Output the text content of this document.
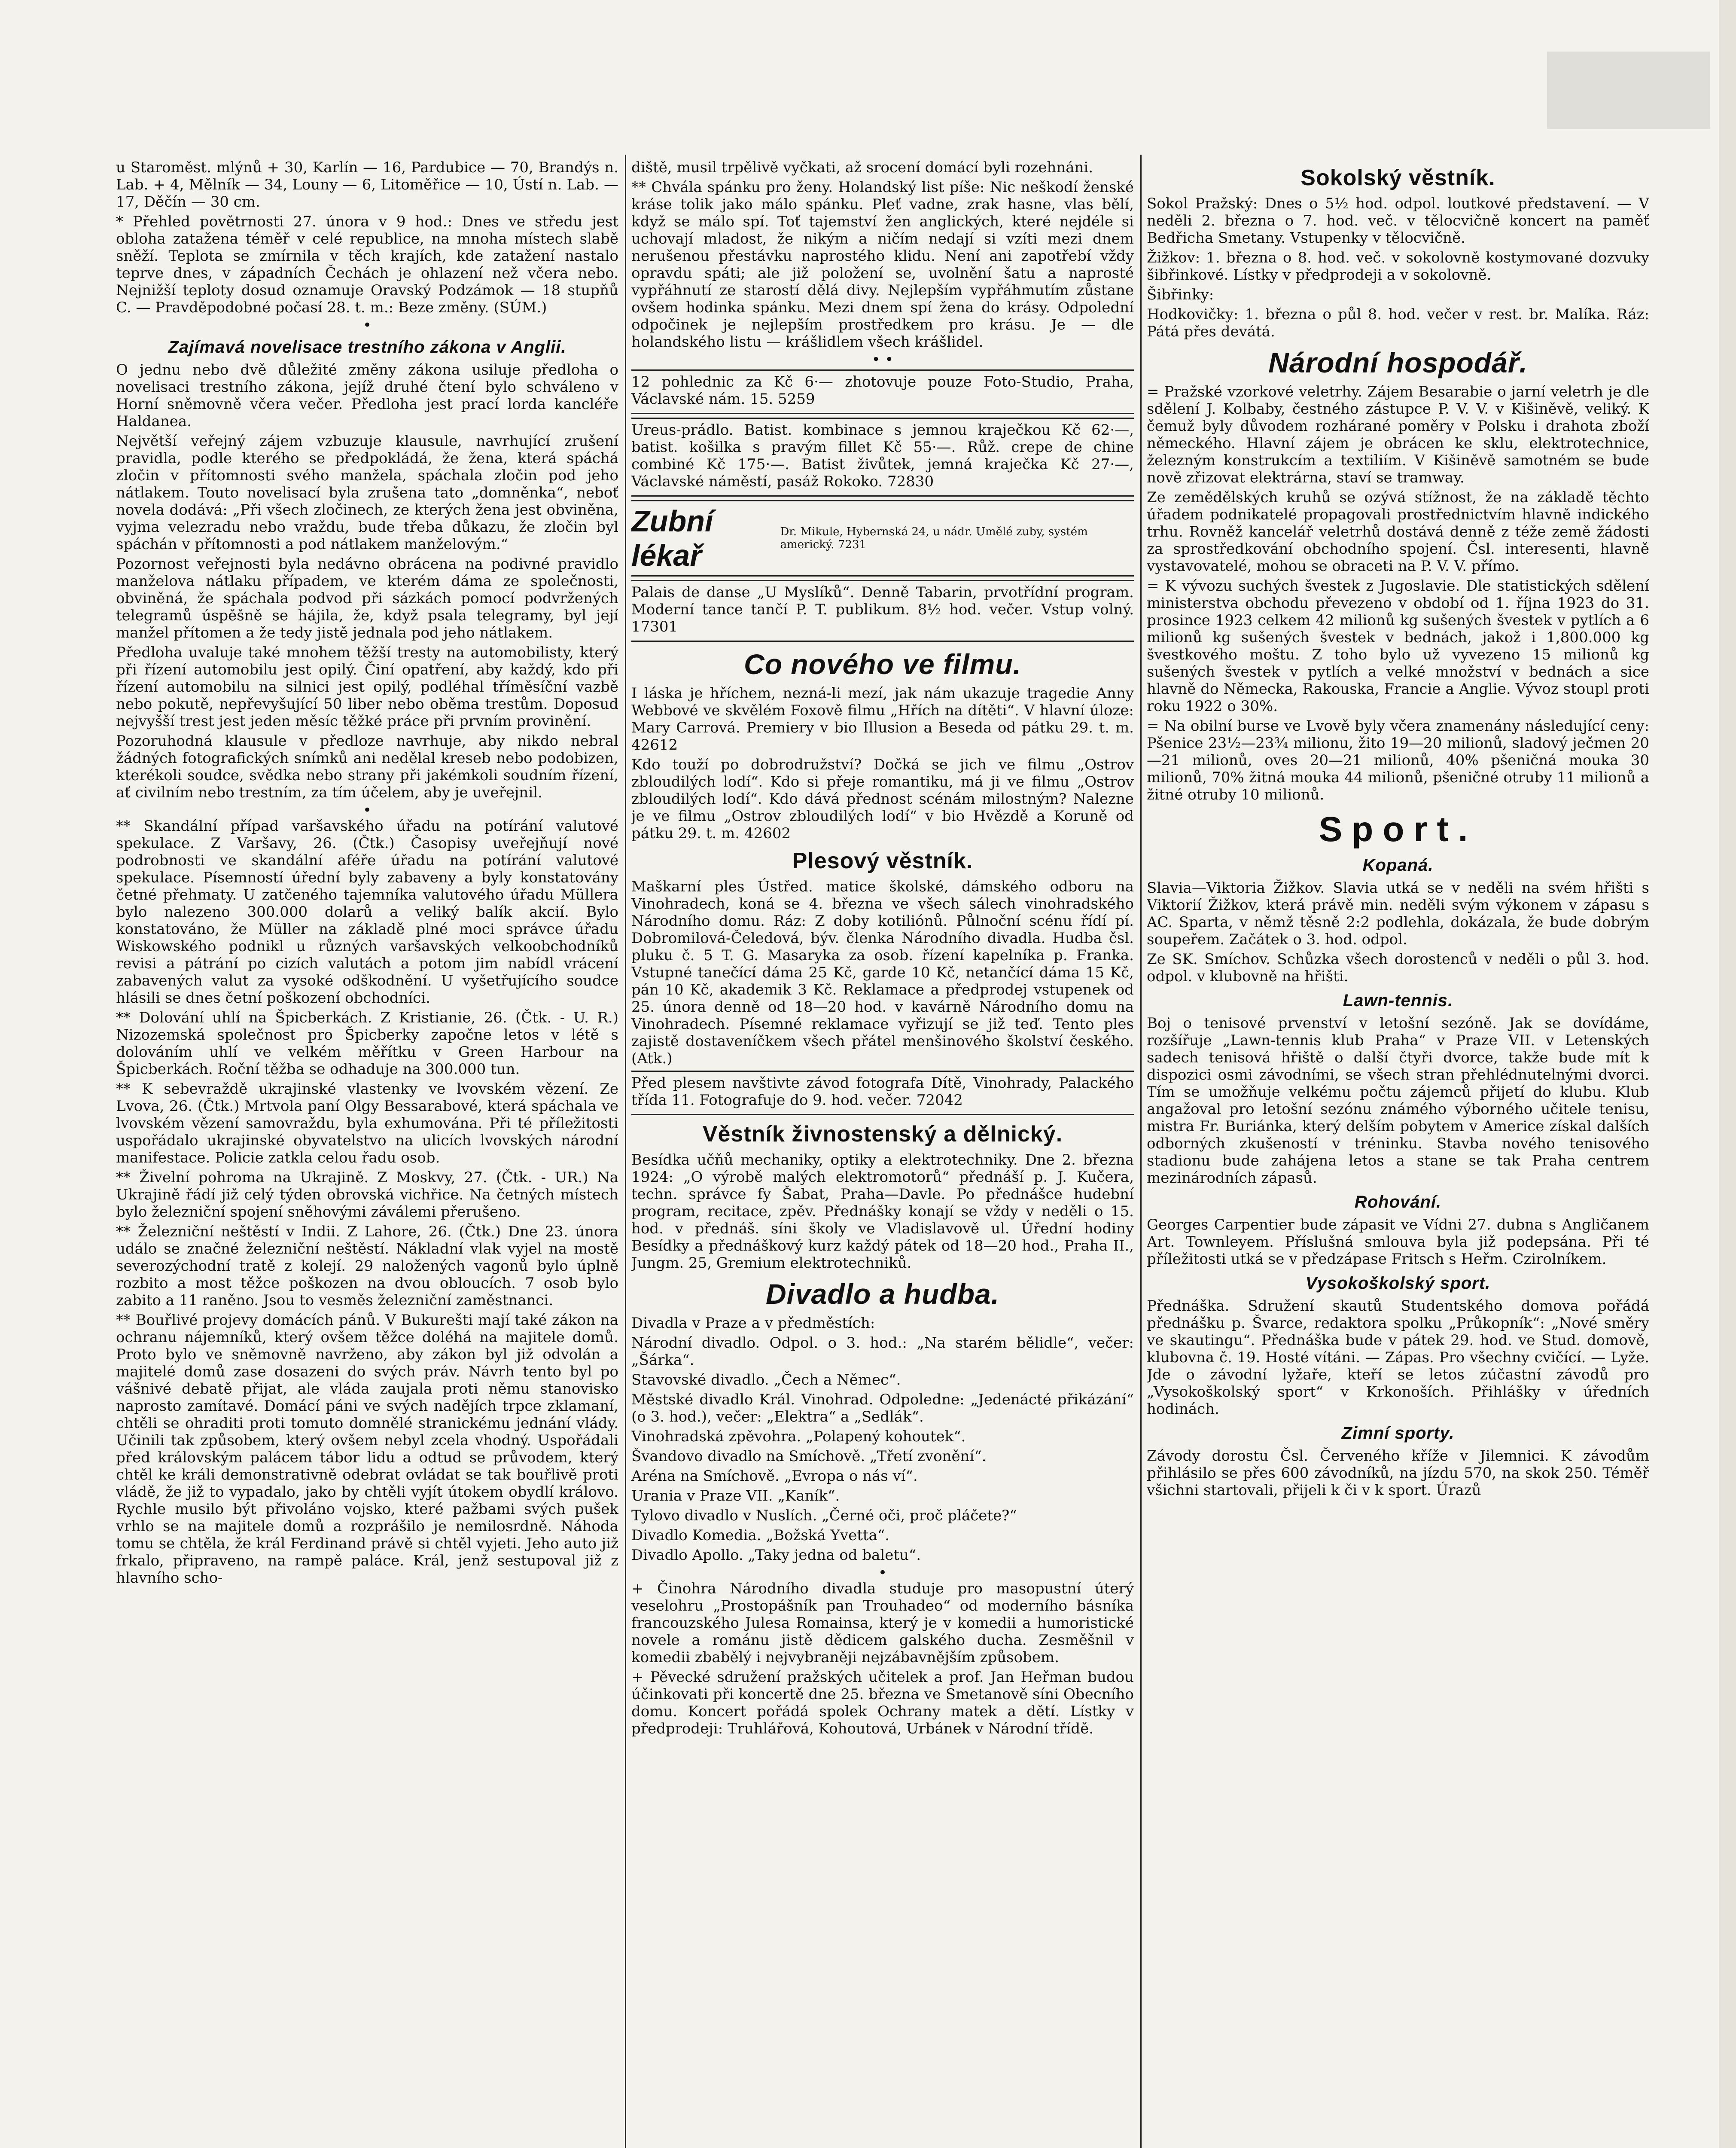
u Staroměst. mlýnů + 30, Karlín — 16, Pardubice — 70, Brandýs n. Lab. + 4, Mělník — 34, Louny — 6, Litoměřice — 10, Ústí n. Lab. — 17, Děčín — 30 cm.
* Přehled povětrnosti 27. února v 9 hod.: Dnes ve středu jest obloha zatažena téměř v celé republice, na mnoha místech slabě sněží. Teplota se zmírnila v těch krajích, kde zatažení nastalo teprve dnes, v západních Čechách je ohlazení než včera nebo. Nejnižší teploty dosud oznamuje Oravský Podzámok — 18 stupňů C. — Pravděpodobné počasí 28. t. m.: Beze změny. (SÚM.)
•
Zajímavá novelisace trestního zákona v Anglii.
O jednu nebo dvě důležité změny zákona usiluje předloha o novelisaci trestního zákona, jejíž druhé čtení bylo schváleno v Horní sněmovně včera večer. Předloha jest prací lorda kancléře Haldanea.
Největší veřejný zájem vzbuzuje klausule, navrhující zrušení pravidla, podle kterého se předpokládá, že žena, která spáchá zločin v přítomnosti svého manžela, spáchala zločin pod jeho nátlakem. Touto novelisací byla zrušena tato „domněnka“, neboť novela dodává: „Při všech zločinech, ze kterých žena jest obviněna, vyjma velezradu nebo vraždu, bude třeba důkazu, že zločin byl spáchán v přítomnosti a pod nátlakem manželovým.“
Pozornost veřejnosti byla nedávno obrácena na podivné pravidlo manželova nátlaku případem, ve kterém dáma ze společnosti, obviněná, že spáchala podvod při sázkách pomocí podvržených telegramů úspěšně se hájila, že, když psala telegramy, byl její manžel přítomen a že tedy jistě jednala pod jeho nátlakem.
Předloha uvaluje také mnohem těžší tresty na automobilisty, který při řízení automobilu jest opilý. Činí opatření, aby každý, kdo při řízení automobilu na silnici jest opilý, podléhal tříměsíční vazbě nebo pokutě, nepřevyšující 50 liber nebo oběma trestům. Doposud nejvyšší trest jest jeden měsíc těžké práce při prvním provinění.
Pozoruhodná klausule v předloze navrhuje, aby nikdo nebral žádných fotografických snímků ani nedělal kreseb nebo podobizen, kterékoli soudce, svědka nebo strany při jakémkoli soudním řízení, ať civilním nebo trestním, za tím účelem, aby je uveřejnil.
•
** Skandální případ varšavského úřadu na potírání valutové spekulace. Z Varšavy, 26. (Čtk.) Časopisy uveřejňují nové podrobnosti ve skandální aféře úřadu na potírání valutové spekulace. Písemností úřední byly zabaveny a byly konstatovány četné přehmaty. U zatčeného tajemníka valutového úřadu Müllera bylo nalezeno 300.000 dolarů a veliký balík akcií. Bylo konstatováno, že Müller na základě plné moci správce úřadu Wiskowského podnikl u různých varšavských velkoobchodníků revisi a pátrání po cizích valutách a potom jim nabídl vrácení zabavených valut za vysoké odškodnění. U vyšetřujícího soudce hlásili se dnes četní poškození obchodníci.
** Dolování uhlí na Špicberkách. Z Kristianie, 26. (Čtk. - U. R.) Nizozemská společnost pro Špicberky započne letos v létě s dolováním uhlí ve velkém měřítku v Green Harbour na Špicberkách. Roční těžba se odhaduje na 300.000 tun.
** K sebevraždě ukrajinské vlastenky ve lvovském vězení. Ze Lvova, 26. (Čtk.) Mrtvola paní Olgy Bessarabové, která spáchala ve lvovském vězení samovraždu, byla exhumována. Při té příležitosti uspořádalo ukrajinské obyvatelstvo na ulicích lvovských národní manifestace. Policie zatkla celou řadu osob.
** Živelní pohroma na Ukrajině. Z Moskvy, 27. (Čtk. - UR.) Na Ukrajině řádí již celý týden obrovská vichřice. Na četných místech bylo železniční spojení sněhovými záválemi přerušeno.
** Železniční neštěstí v Indii. Z Lahore, 26. (Čtk.) Dne 23. února událo se značné železniční neštěstí. Nákladní vlak vyjel na mostě severozýchodní tratě z kolejí. 29 naložených vagonů bylo úplně rozbito a most těžce poškozen na dvou obloucích. 7 osob bylo zabito a 11 raněno. Jsou to vesměs železniční zaměstnanci.
** Bouřlivé projevy domácích pánů. V Bukurešti mají také zákon na ochranu nájemníků, který ovšem těžce doléhá na majitele domů. Proto bylo ve sněmovně navrženo, aby zákon byl již odvolán a majitelé domů zase dosazeni do svých práv. Návrh tento byl po vášnivé debatě přijat, ale vláda zaujala proti němu stanovisko naprosto zamítavé. Domácí páni ve svých nadějích trpce zklamaní, chtěli se ohraditi proti tomuto domnělé stranickému jednání vlády. Učinili tak způsobem, který ovšem nebyl zcela vhodný. Uspořádali před královským palácem tábor lidu a odtud se průvodem, který chtěl ke králi demonstrativně odebrat ovládat se tak bouřlivě proti vládě, že již to vypadalo, jako by chtěli vyjít útokem obydlí královo. Rychle musilo být přivoláno vojsko, které pažbami svých pušek vrhlo se na majitele domů a rozprášilo je nemilosrdně. Náhoda tomu se chtěla, že král Ferdinand právě si chtěl vyjeti. Jeho auto již frkalo, připraveno, na rampě paláce. Král, jenž sestupoval již z hlavního scho-
diště, musil trpělivě vyčkati, až srocení domácí byli rozehnáni.
** Chvála spánku pro ženy. Holandský list píše: Nic neškodí ženské kráse tolik jako málo spánku. Pleť vadne, zrak hasne, vlas bělí, když se málo spí. Toť tajemství žen anglických, které nejdéle si uchovají mladost, že nikým a ničím nedají si vzíti mezi dnem nerušenou přestávku naprostého klidu. Není ani zapotřebí vždy opravdu spáti; ale již položení se, uvolnění šatu a naprosté vypřáhnutí ze starostí dělá divy. Nejlepším vypřáhmutím zůstane ovšem hodinka spánku. Mezi dnem spí žena do krásy. Odpolední odpočinek je nejlepším prostředkem pro krásu. Je — dle holandského listu — krášlidlem všech krášlidel.
• •
12 pohlednic za Kč 6·— zhotovuje pouze Foto-Studio, Praha, Václavské nám. 15. 5259
Ureus-prádlo. Batist. kombinace s jemnou kraječkou Kč 62·—, batist. košilka s pravým fillet Kč 55·—. Růž. crepe de chine combiné Kč 175·—. Batist živůtek, jemná kraječka Kč 27·—, Václavské náměstí, pasáž Rokoko. 72830
Zubní lékař
Dr. Mikule, Hybernská 24, u nádr. Umělé zuby, systém americký. 7231
Palais de danse „U Myslíků“. Denně Tabarin, prvotřídní program. Moderní tance tančí P. T. publikum. 8½ hod. večer. Vstup volný. 17301
Co nového ve filmu.
I láska je hříchem, nezná-li mezí, jak nám ukazuje tragedie Anny Webbové ve skvělém Foxově filmu „Hřích na dítěti“. V hlavní úloze: Mary Carrová. Premiery v bio Illusion a Beseda od pátku 29. t. m. 42612
Kdo touží po dobrodružství? Dočká se jich ve filmu „Ostrov zbloudilých lodí“. Kdo si přeje romantiku, má ji ve filmu „Ostrov zbloudilých lodí“. Kdo dává přednost scénám milostným? Nalezne je ve filmu „Ostrov zbloudilých lodí“ v bio Hvězdě a Koruně od pátku 29. t. m. 42602
Plesový věstník.
Maškarní ples Ústřed. matice školské, dámského odboru na Vinohradech, koná se 4. března ve všech sálech vinohradského Národního domu. Ráz: Z doby kotiliónů. Půlnoční scénu řídí pí. Dobromilová-Čeledová, býv. členka Národního divadla. Hudba čsl. pluku č. 5 T. G. Masaryka za osob. řízení kapelníka p. Franka. Vstupné tanečící dáma 25 Kč, garde 10 Kč, netančící dáma 15 Kč, pán 10 Kč, akademik 3 Kč. Reklamace a předprodej vstupenek od 25. února denně od 18—20 hod. v kavárně Národního domu na Vinohradech. Písemné reklamace vyřizují se již teď. Tento ples zajistě dostaveníčkem všech přátel menšinového školství českého. (Atk.)
Před plesem navštivte závod fotografa Dítě, Vinohrady, Palackého třída 11. Fotografuje do 9. hod. večer. 72042
Věstník živnostenský a dělnický.
Besídka učňů mechaniky, optiky a elektrotechniky. Dne 2. března 1924: „O výrobě malých elektromotorů“ přednáší p. J. Kučera, techn. správce fy Šabat, Praha—Davle. Po přednášce hudební program, recitace, zpěv. Přednášky konají se vždy v neděli o 15. hod. v přednáš. síni školy ve Vladislavově ul. Úřední hodiny Besídky a přednáškový kurz každý pátek od 18—20 hod., Praha II., Jungm. 25, Gremium elektrotechniků.
Divadlo a hudba.
Divadla v Praze a v předměstích:
Národní divadlo. Odpol. o 3. hod.: „Na starém bělidle“, večer: „Šárka“.
Stavovské divadlo. „Čech a Němec“.
Městské divadlo Král. Vinohrad. Odpoledne: „Jedenácté přikázání“ (o 3. hod.), večer: „Elektra“ a „Sedlák“.
Vinohradská zpěvohra. „Polapený kohoutek“.
Švandovo divadlo na Smíchově. „Třetí zvonění“.
Aréna na Smíchově. „Evropa o nás ví“.
Urania v Praze VII. „Kaník“.
Tylovo divadlo v Nuslích. „Černé oči, proč pláčete?“
Divadlo Komedia. „Božská Yvetta“.
Divadlo Apollo. „Taky jedna od baletu“.
•
+ Činohra Národního divadla studuje pro masopustní úterý veselohru „Prostopášník pan Trouhadeo“ od moderního básníka francouzského Julesa Romainsa, který je v komedii a humoristické novele a románu jistě dědicem galského ducha. Zesměšnil v komedii zbabělý i nejvybraněji nejzábavnějším způsobem.
+ Pěvecké sdružení pražských učitelek a prof. Jan Heřman budou účinkovati při koncertě dne 25. března ve Smetanově síni Obecního domu. Koncert pořádá spolek Ochrany matek a dětí. Lístky v předprodeji: Truhlářová, Kohoutová, Urbánek v Národní třídě.
Sokolský věstník.
Sokol Pražský: Dnes o 5½ hod. odpol. loutkové představení. — V neděli 2. března o 7. hod. več. v tělocvičně koncert na paměť Bedřicha Smetany. Vstupenky v tělocvičně.
Žižkov: 1. března o 8. hod. več. v sokolovně kostymované dozvuky šibřinkové. Lístky v předprodeji a v sokolovně.
Šibřinky:
Hodkovičky: 1. března o půl 8. hod. večer v rest. br. Malíka. Ráz: Pátá přes devátá.
Národní hospodář.
= Pražské vzorkové veletrhy. Zájem Besarabie o jarní veletrh je dle sdělení J. Kolbaby, čestného zástupce P. V. V. v Kišiněvě, veliký. K čemuž byly důvodem rozhárané poměry v Polsku i drahota zboží německého. Hlavní zájem je obrácen ke sklu, elektrotechnice, železným konstrukcím a textiliím. V Kišiněvě samotném se bude nově zřizovat elektrárna, staví se tramway.
Ze zemědělských kruhů se ozývá stížnost, že na základě těchto úřadem podnikatelé propagovali prostřednictvím hlavně indického trhu. Rovněž kancelář veletrhů dostává denně z téže země žádosti za sprostředkování obchodního spojení. Čsl. interesenti, hlavně vystavovatelé, mohou se obraceti na P. V. V. přímo.
= K vývozu suchých švestek z Jugoslavie. Dle statistických sdělení ministerstva obchodu převezeno v období od 1. října 1923 do 31. prosince 1923 celkem 42 milionů kg sušených švestek v pytlích a 6 milionů kg sušených švestek v bednách, jakož i 1,800.000 kg švestkového moštu. Z toho bylo už vyvezeno 15 milionů kg sušených švestek v pytlích a velké množství v bednách a sice hlavně do Německa, Rakouska, Francie a Anglie. Vývoz stoupl proti roku 1922 o 30%.
= Na obilní burse ve Lvově byly včera znamenány následující ceny: Pšenice 23½—23¾ milionu, žito 19—20 milionů, sladový ječmen 20—21 milionů, oves 20—21 milionů, 40% pšeničná mouka 30 milionů, 70% žitná mouka 44 milionů, pšeničné otruby 11 milionů a žitné otruby 10 milionů.
Sport.
Kopaná.
Slavia—Viktoria Žižkov. Slavia utká se v neděli na svém hřišti s Viktorií Žižkov, která právě min. neděli svým výkonem v zápasu s AC. Sparta, v němž těsně 2:2 podlehla, dokázala, že bude dobrým soupeřem. Začátek o 3. hod. odpol.
Ze SK. Smíchov. Schůzka všech dorostenců v neděli o půl 3. hod. odpol. v klubovně na hřišti.
Lawn-tennis.
Boj o tenisové prvenství v letošní sezóně. Jak se dovídáme, rozšířuje „Lawn-tennis klub Praha“ v Praze VII. v Letenských sadech tenisová hřiště o další čtyři dvorce, takže bude mít k dispozici osmi závodními, se všech stran přehlédnutelnými dvorci. Tím se umožňuje velkému počtu zájemců přijetí do klubu. Klub angažoval pro letošní sezónu známého výborného učitele tenisu, mistra Fr. Buriánka, který delším pobytem v Americe získal dalších odborných zkušeností v tréninku. Stavba nového tenisového stadionu bude zahájena letos a stane se tak Praha centrem mezinárodních zápasů.
Rohování.
Georges Carpentier bude zápasit ve Vídni 27. dubna s Angličanem Art. Townleyem. Příslušná smlouva byla již podepsána. Při té příležitosti utká se v předzápase Fritsch s Heřm. Czirolníkem.
Vysokoškolský sport.
Přednáška. Sdružení skautů Studentského domova pořádá přednášku p. Švarce, redaktora spolku „Průkopník“: „Nové směry ve skautingu“. Přednáška bude v pátek 29. hod. ve Stud. domově, klubovna č. 19. Hosté vítáni. — Zápas. Pro všechny cvičící. — Lyže. Jde o závodní lyžaře, kteří se letos zúčastní závodů pro „Vysokoškolský sport“ v Krkonoších. Přihlášky v úředních hodinách.
Zimní sporty.
Závody dorostu Čsl. Červeného kříže v Jilemnici. K závodům přihlásilo se přes 600 závodníků, na jízdu 570, na skok 250. Téměř všichni startovali, přijeli k či v k sport. Úrazů
